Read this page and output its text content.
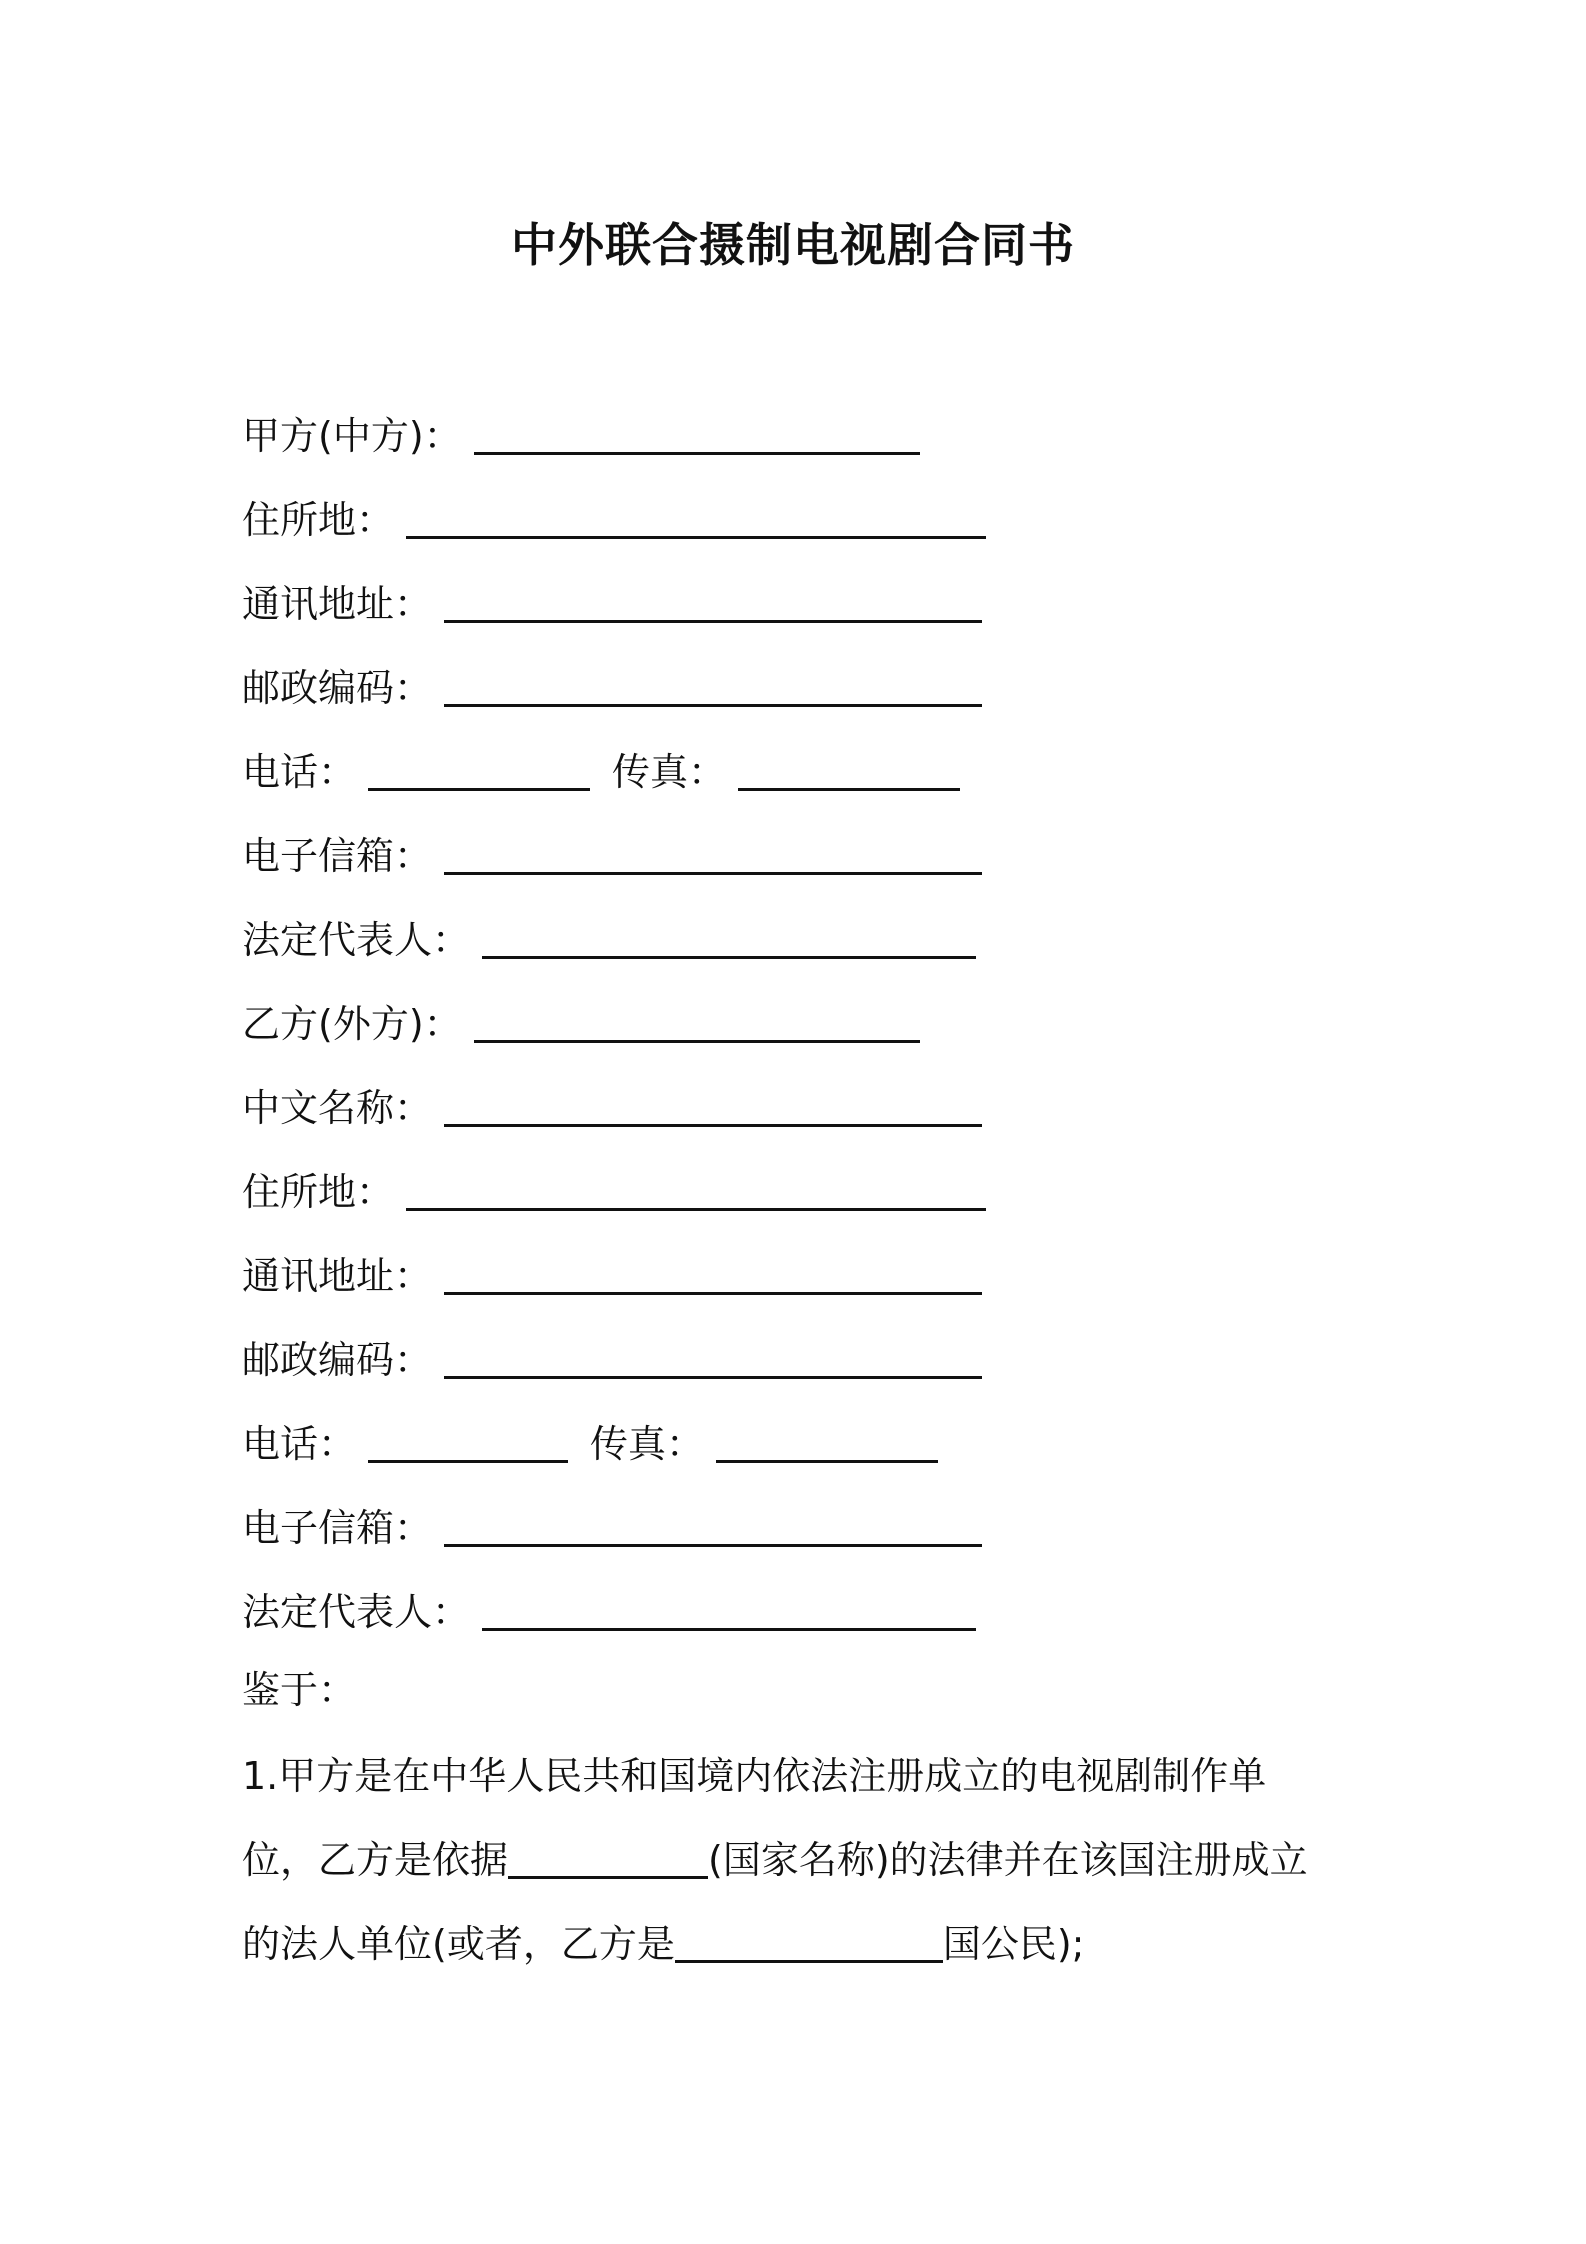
中外联合摄制电视剧合同书
甲方(中方)：
住所地：
通讯地址：
邮政编码：
电话：	传真：
电子信箱：
法定代表人：
乙方(外方)：
中文名称：
住所地：
通讯地址：
邮政编码：
电话：	传真：
电子信箱：
法定代表人：
鉴于：
1.甲方是在中华人民共和国境内依法注册成立的电视剧制作单
位，乙方是依据	(国家名称)的法律并在该国注册成立
的法人单位(或者，乙方是	国公民);
